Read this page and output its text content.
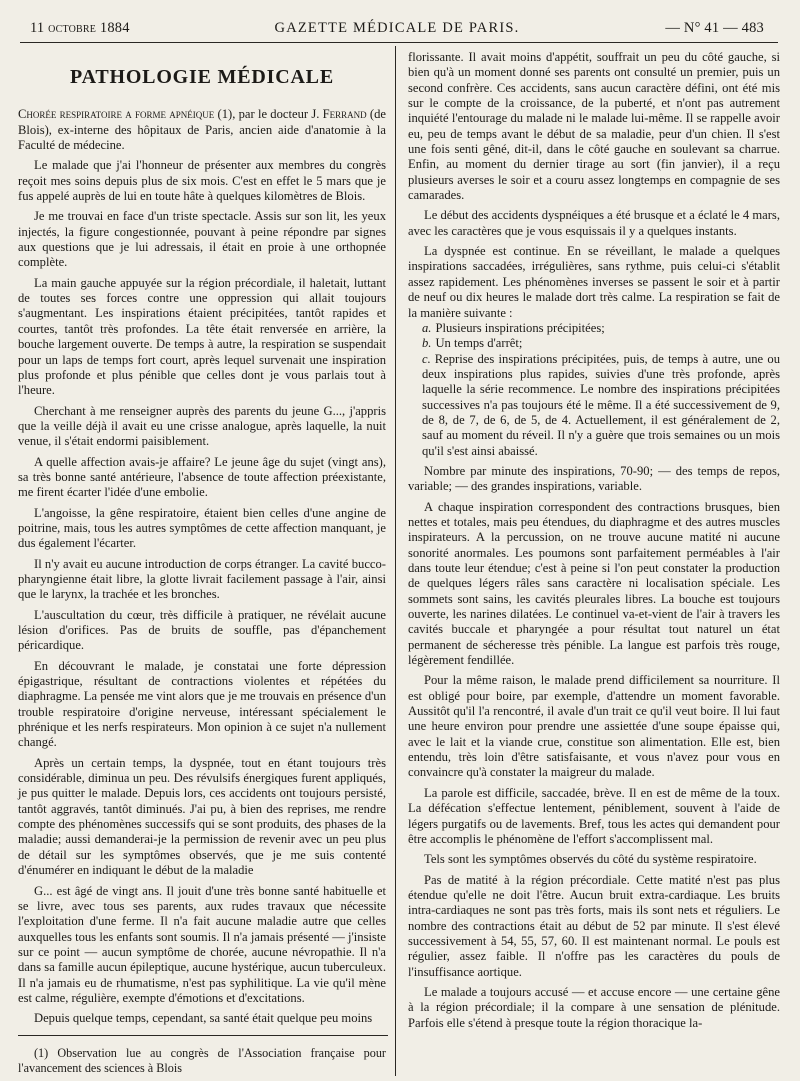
11 octobre 1884	GAZETTE MÉDICALE DE PARIS.	— N° 41 — 483
PATHOLOGIE MÉDICALE

Chorée respiratoire a forme apnéique (1), par le docteur J. Ferrand (de Blois), ex-interne des hôpitaux de Paris, ancien aide d'anatomie à la Faculté de médecine.

Le malade que j'ai l'honneur de présenter aux membres du congrès reçoit mes soins depuis plus de six mois. C'est en effet le 5 mars que je fus appelé auprès de lui en toute hâte à quelques kilomètres de Blois.

Je me trouvai en face d'un triste spectacle. Assis sur son lit, les yeux injectés, la figure congestionnée, pouvant à peine répondre par signes aux questions que je lui adressais, il était en proie à une orthopnée complète.

La main gauche appuyée sur la région précordiale, il haletait, luttant de toutes ses forces contre une oppression qui allait toujours s'augmentant. Les inspirations étaient précipitées, tantôt rapides et courtes, tantôt très profondes. La tête était renversée en arrière, la bouche largement ouverte. De temps à autre, la respiration se suspendait pour un laps de temps fort court, après lequel survenait une inspiration plus profonde et plus pénible que celles dont je vous parlais tout à l'heure.

Cherchant à me renseigner auprès des parents du jeune G..., j'appris que la veille déjà il avait eu une crisse analogue, après laquelle, la nuit venue, il s'était endormi paisiblement.

A quelle affection avais-je affaire? Le jeune âge du sujet (vingt ans), sa très bonne santé antérieure, l'absence de toute affection préexistante, me firent écarter l'idée d'une embolie.

L'angoisse, la gêne respiratoire, étaient bien celles d'une angine de poitrine, mais, tous les autres symptômes de cette affection manquant, je dus également l'écarter.

Il n'y avait eu aucune introduction de corps étranger. La cavité bucco-pharyngienne était libre, la glotte livrait facilement passage à l'air, ainsi que le larynx, la trachée et les bronches.

L'auscultation du cœur, très difficile à pratiquer, ne révélait aucune lésion d'orifices. Pas de bruits de souffle, pas d'épanchement péricardique.

En découvrant le malade, je constatai une forte dépression épigastrique, résultant de contractions violentes et répétées du diaphragme. La pensée me vint alors que je me trouvais en présence d'un trouble respiratoire d'origine nerveuse, intéressant spécialement le phrénique et les nerfs respirateurs. Mon opinion à ce sujet n'a nullement changé.

Après un certain temps, la dyspnée, tout en étant toujours très considérable, diminua un peu. Des révulsifs énergiques furent appliqués, je pus quitter le malade. Depuis lors, ces accidents ont toujours persisté, tantôt aggravés, tantôt diminués. J'ai pu, à bien des reprises, me rendre compte des phénomènes successifs qui se sont produits, des phases de la maladie; aussi demanderai-je la permission de revenir avec un peu plus de détail sur les symptômes observés, que je me suis contenté d'énumérer en indiquant le début de la maladie

G... est âgé de vingt ans. Il jouit d'une très bonne santé habituelle et se livre, avec tous ses parents, aux rudes travaux que nécessite l'exploitation d'une ferme. Il n'a fait aucune maladie autre que celles auxquelles tous les enfants sont soumis. Il n'a jamais présenté — j'insiste sur ce point — aucun symptôme de chorée, aucune névropathie. Il n'a dans sa famille aucun épileptique, aucune hystérique, aucun tuberculeux. Il n'a jamais eu de rhumatisme, n'est pas syphilitique. La vie qu'il mène est calme, régulière, exempte d'émotions et d'excitations.

Depuis quelque temps, cependant, sa santé était quelque peu moins

(1) Observation lue au congrès de l'Association française pour l'avancement des sciences à Blois

florissante. Il avait moins d'appétit, souffrait un peu du côté gauche, si bien qu'à un moment donné ses parents ont consulté un premier, puis un second confrère. Ces accidents, sans aucun caractère défini, ont été mis sur le compte de la croissance, de la puberté, et n'ont pas autrement inquiété l'entourage du malade ni le malade lui-même. Il se rappelle avoir eu, peu de temps avant le début de sa maladie, peur d'un chien. Il s'est une fois senti gêné, dit-il, dans le côté gauche en soulevant sa charrue. Enfin, au moment du dernier tirage au sort (fin janvier), il a reçu plusieurs averses le soir et a couru assez longtemps en compagnie de ses camarades.

Le début des accidents dyspnéiques a été brusque et a éclaté le 4 mars, avec les caractères que je vous esquissais il y a quelques instants.

La dyspnée est continue. En se réveillant, le malade a quelques inspirations saccadées, irrégulières, sans rythme, puis celui-ci s'établit assez rapidement. Les phénomènes inverses se passent le soir et à partir de neuf ou dix heures le malade dort très calme. La respiration se fait de la manière suivante :

a. Plusieurs inspirations précipitées;

b. Un temps d'arrêt;

c. Reprise des inspirations précipitées, puis, de temps à autre, une ou deux inspirations plus rapides, suivies d'une très profonde, après laquelle la série recommence. Le nombre des inspirations précipitées successives n'a pas toujours été le même. Il a été successivement de 9, de 8, de 7, de 6, de 5, de 4. Actuellement, il est généralement de 2, sauf au moment du réveil. Il n'y a guère que trois semaines ou un mois qu'il s'est ainsi abaissé.

Nombre par minute des inspirations, 70-90; — des temps de repos, variable; — des grandes inspirations, variable.

A chaque inspiration correspondent des contractions brusques, bien nettes et totales, mais peu étendues, du diaphragme et des autres muscles inspirateurs. A la percussion, on ne trouve aucune matité ni aucune sonorité anormales. Les poumons sont parfaitement perméables à l'air dans toute leur étendue; c'est à peine si l'on peut constater la production de quelques légers râles sans caractère ni localisation spéciale. Les sommets sont sains, les cavités pleurales libres. La bouche est toujours ouverte, les narines dilatées. Le continuel va-et-vient de l'air à travers les cavités buccale et pharyngée a pour résultat tout naturel un état permanent de sécheresse très pénible. La langue est parfois très rouge, légèrement fendillée.

Pour la même raison, le malade prend difficilement sa nourriture. Il est obligé pour boire, par exemple, d'attendre un moment favorable. Aussitôt qu'il l'a rencontré, il avale d'un trait ce qu'il veut boire. Il lui faut une heure environ pour prendre une assiettée d'une soupe épaisse qui, avec le lait et la viande crue, constitue son alimentation. Elle est, bien entendu, très loin d'être satisfaisante, et vous n'avez pour vous en convaincre qu'à constater la maigreur du malade.

La parole est difficile, saccadée, brève. Il en est de même de la toux. La défécation s'effectue lentement, péniblement, souvent à l'aide de légers purgatifs ou de lavements. Bref, tous les actes qui demandent pour être accomplis le phénomène de l'effort s'accomplissent mal.

Tels sont les symptômes observés du côté du système respiratoire.

Pas de matité à la région précordiale. Cette matité n'est pas plus étendue qu'elle ne doit l'être. Aucun bruit extra-cardiaque. Les bruits intra-cardiaques ne sont pas très forts, mais ils sont nets et réguliers. Le nombre des contractions était au début de 52 par minute. Il s'est élevé successivement à 54, 55, 57, 60. Il est maintenant normal. Le pouls est régulier, assez faible. Il n'offre pas les caractères du pouls de l'insuffisance aortique.

Le malade a toujours accusé — et accuse encore — une certaine gêne à la région précordiale; il la compare à une sensation de plénitude. Parfois elle s'étend à presque toute la région thoracique la-
